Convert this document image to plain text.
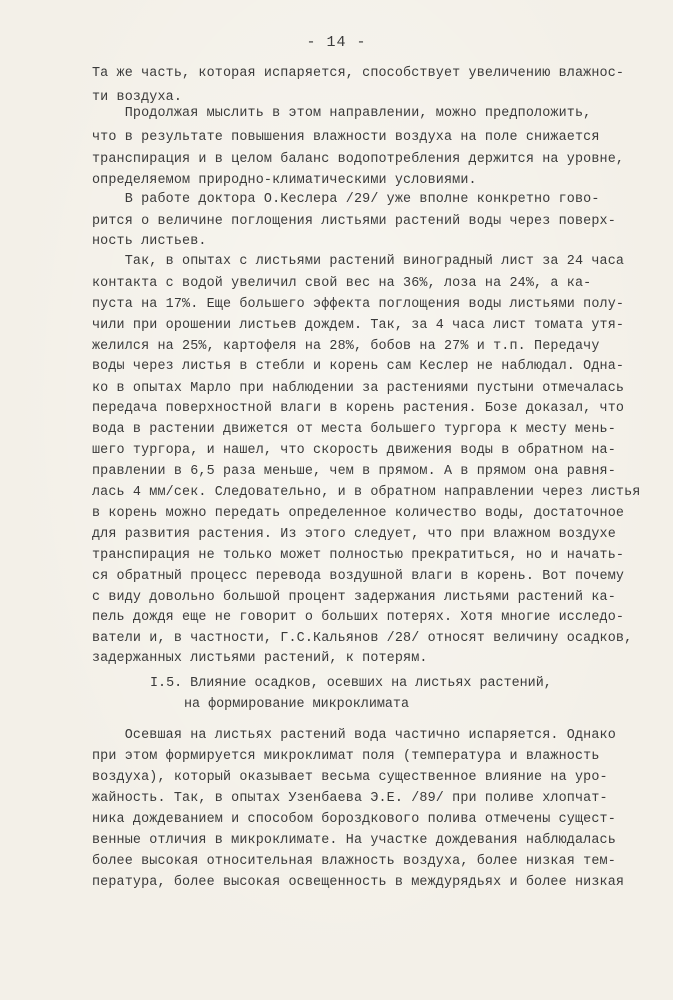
- 14 -
Та же часть, которая испаряется, способствует увеличению влажнос-
ти воздуха.
Продолжая мыслить в этом направлении, можно предположить,
что в результате повышения влажности воздуха на поле снижается
транспирация и в целом баланс водопотребления держится на уровне,
определяемом природно-климатическими условиями.
В работе доктора О.Кеслера /29/ уже вполне конкретно гово-
рится о величине поглощения листьями растений воды через поверх-
ность листьев.
Так, в опытах с листьями растений виноградный лист за 24 часа
контакта с водой увеличил свой вес на 36%, лоза на 24%, а ка-
пуста на 17%. Еще большего эффекта поглощения воды листьями полу-
чили при орошении листьев дождем. Так, за 4 часа лист томата утя-
желился на 25%, картофеля на 28%, бобов на 27% и т.п. Передачу
воды через листья в стебли и корень сам Кеслер не наблюдал. Одна-
ко в опытах Марло при наблюдении за растениями пустыни отмечалась
передача поверхностной влаги в корень растения. Бозе доказал, что
вода в растении движется от места большего тургора к месту мень-
шего тургора, и нашел, что скорость движения воды в обратном на-
правлении в 6,5 раза меньше, чем в прямом. А в прямом она равня-
лась 4 мм/сек. Следовательно, и в обратном направлении через листья
в корень можно передать определенное количество воды, достаточное
для развития растения. Из этого следует, что при влажном воздухе
транспирация не только может полностью прекратиться, но и начать-
ся обратный процесс перевода воздушной влаги в корень. Вот почему
с виду довольно большой процент задержания листьями растений ка-
пель дождя еще не говорит о больших потерях. Хотя многие исследо-
ватели и, в частности, Г.С.Кальянов /28/ относят величину осадков,
задержанных листьями растений, к потерям.
I.5. Влияние осадков, осевших на листьях растений,
на формирование микроклимата
Осевшая на листьях растений вода частично испаряется. Однако
при этом формируется микроклимат поля (температура и влажность
воздуха), который оказывает весьма существенное влияние на уро-
жайность. Так, в опытах Узенбаева Э.Е. /89/ при поливе хлопчат-
ника дождеванием и способом бороздкового полива отмечены сущест-
венные отличия в микроклимате. На участке дождевания наблюдалась
более высокая относительная влажность воздуха, более низкая тем-
пература, более высокая освещенность в междурядьях и более низкая
